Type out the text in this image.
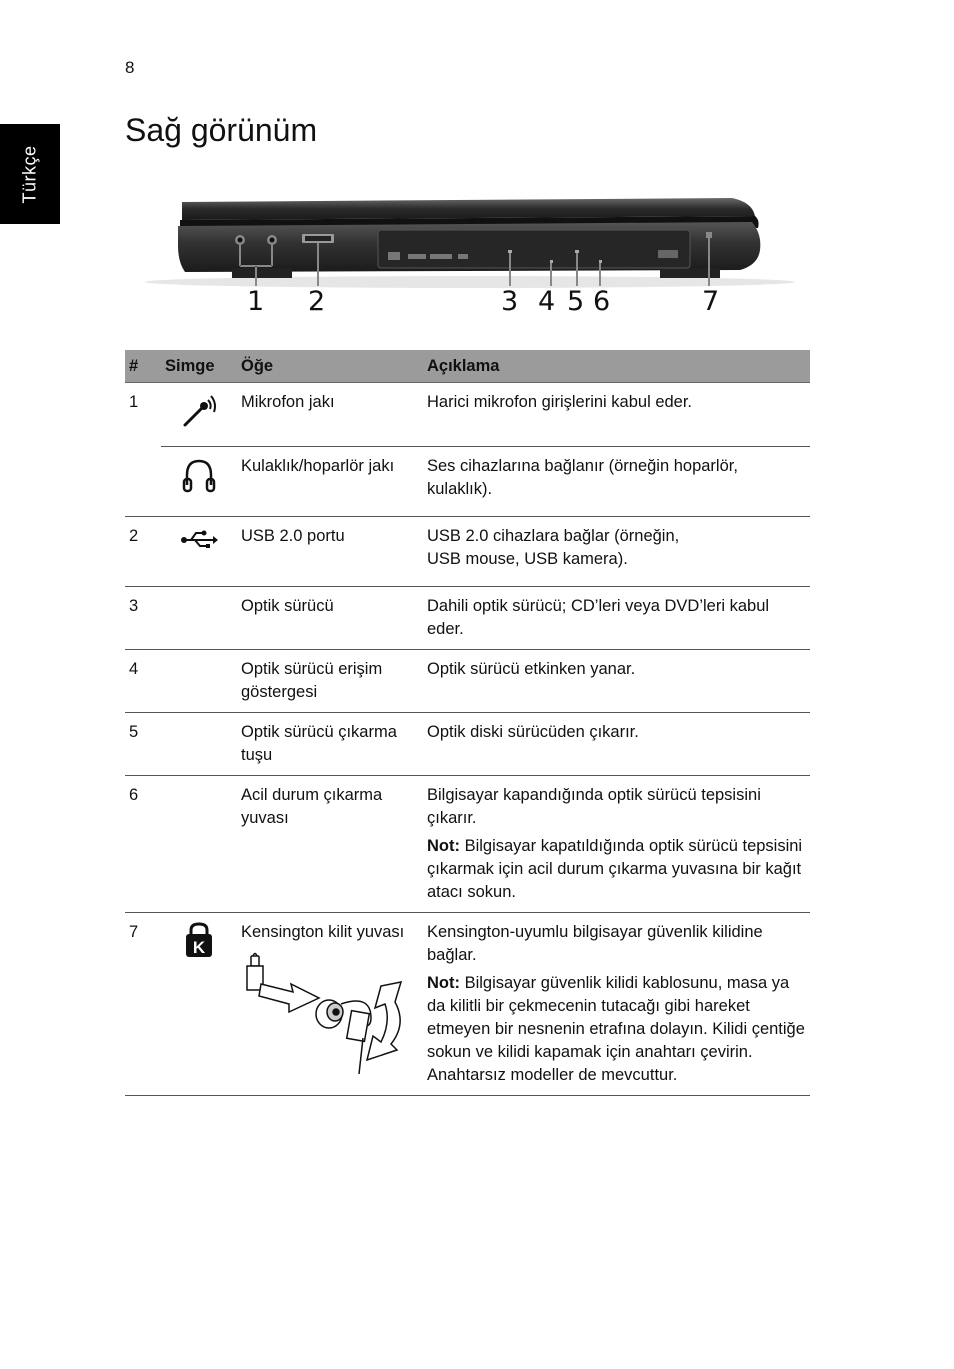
8
Türkçe
Sağ görünüm
1 2	3 4 5 6	7
#	Simge	Öğe	Açıklama
1		Mikrofon jakı	Harici mikrofon girişlerini kabul eder.
		Kulaklık/hoparlör jakı	Ses cihazlarına bağlanır (örneğin hoparlör, kulaklık).
2		USB 2.0 portu	USB 2.0 cihazlara bağlar (örneğin,
USB mouse, USB kamera).

3		Optik sürücü	Dahili optik sürücü; CD’leri veya DVD’leri kabul eder.
4		Optik sürücü erişim göstergesi	Optik sürücü etkinken yanar.
5		Optik sürücü çıkarma tuşu	Optik diski sürücüden çıkarır.
6		Acil durum çıkarma yuvası	Bilgisayar kapandığında optik sürücü tepsisini çıkarır.

Not: Bilgisayar kapatıldığında optik sürücü tepsisini çıkarmak için acil durum çıkarma yuvasına bir kağıt atacı sokun.

7	K	Kensington kilit yuvası	Kensington-uyumlu bilgisayar güvenlik kilidine bağlar.

Not: Bilgisayar güvenlik kilidi kablosunu, masa ya da kilitli bir çekmecenin tutacağı gibi hareket etmeyen bir nesnenin etrafına dolayın. Kilidi çentiğe sokun ve kilidi kapamak için anahtarı çevirin. Anahtarsız modeller de mevcuttur.
